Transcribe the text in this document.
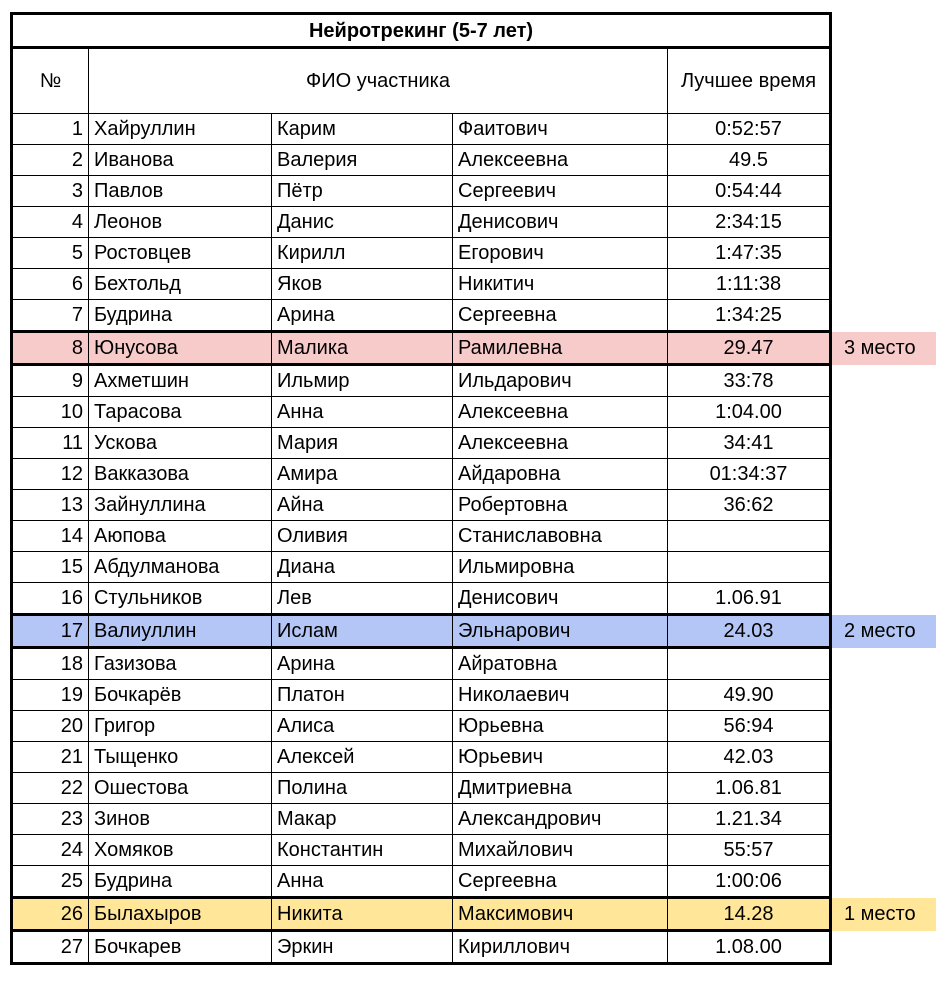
Нейротрекинг (5-7 лет)					
№	ФИО участника			Лучшее время	
1	Хайруллин	Карим	Фаитович	0:52:57	
2	Иванова	Валерия	Алексеевна	49.5	
3	Павлов	Пётр	Сергеевич	0:54:44	
4	Леонов	Данис	Денисович	2:34:15	
5	Ростовцев	Кирилл	Егорович	1:47:35	
6	Бехтольд	Яков	Никитич	1:11:38	
7	Будрина	Арина	Сергеевна	1:34:25	
8	Юнусова	Малика	Рамилевна	29.47	3 место
9	Ахметшин	Ильмир	Ильдарович	33:78	
10	Тарасова	Анна	Алексеевна	1:04.00	
11	Ускова	Мария	Алексеевна	34:41	
12	Вакказова	Амира	Айдаровна	01:34:37	
13	Зайнуллина	Айна	Робертовна	36:62	
14	Аюпова	Оливия	Станиславовна		
15	Абдулманова	Диана	Ильмировна		
16	Стульников	Лев	Денисович	1.06.91	
17	Валиуллин	Ислам	Эльнарович	24.03	2 место
18	Газизова	Арина	Айратовна		
19	Бочкарёв	Платон	Николаевич	49.90	
20	Григор	Алиса	Юрьевна	56:94	
21	Тыщенко	Алексей	Юрьевич	42.03	
22	Ошестова	Полина	Дмитриевна	1.06.81	
23	Зинов	Макар	Александрович	1.21.34	
24	Хомяков	Константин	Михайлович	55:57	
25	Будрина	Анна	Сергеевна	1:00:06	
26	Былахыров	Никита	Максимович	14.28	1 место
27	Бочкарев	Эркин	Кириллович	1.08.00	
